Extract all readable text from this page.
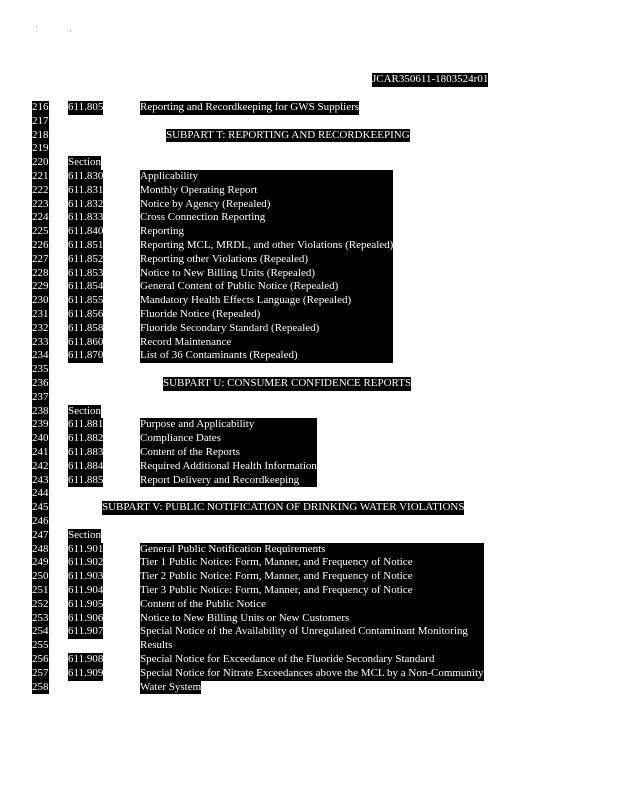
'
'
JCAR350611-1803524r01
216 611.805	Reporting and Recordkeeping for GWS Suppliers
217
218	SUBPART T: REPORTING AND RECORDKEEPING
219
220 Section
221 611.830	Applicability
222 611.831	Monthly Operating Report
223 611.832	Notice by Agency (Repealed)
224 611.833	Cross Connection Reporting
225 611.840	Reporting
226 611.851	Reporting MCL, MRDL, and other Violations (Repealed)
227 611.852	Reporting other Violations (Repealed)
228 611.853	Notice to New Billing Units (Repealed)
229 611.854	General Content of Public Notice (Repealed)
230 611.855	Mandatory Health Effects Language (Repealed)
231 611.856	Fluoride Notice (Repealed)
232 611.858	Fluoride Secondary Standard (Repealed)
233 611.860	Record Maintenance
234 611.870	List of 36 Contaminants (Repealed)
235
236	SUBPART U: CONSUMER CONFIDENCE REPORTS
237
238 Section
239 611.881	Purpose and Applicability
240 611.882	Compliance Dates
241 611.883	Content of the Reports
242 611.884	Required Additional Health Information
243 611.885	Report Delivery and Recordkeeping
244
245	SUBPART V: PUBLIC NOTIFICATION OF DRINKING WATER VIOLATIONS
246
247 Section
248 611.901	General Public Notification Requirements
249 611.902	Tier 1 Public Notice: Form, Manner, and Frequency of Notice
250 611.903	Tier 2 Public Notice: Form, Manner, and Frequency of Notice
251 611.904	Tier 3 Public Notice: Form, Manner, and Frequency of Notice
252 611.905	Content of the Public Notice
253 611.906	Notice to New Billing Units or New Customers
254 611.907	Special Notice of the Availability of Unregulated Contaminant Monitoring
255	Results
256 611.908	Special Notice for Exceedance of the Fluoride Secondary Standard
257 611.909	Special Notice for Nitrate Exceedances above the MCL by a Non-Community
258	Water System
